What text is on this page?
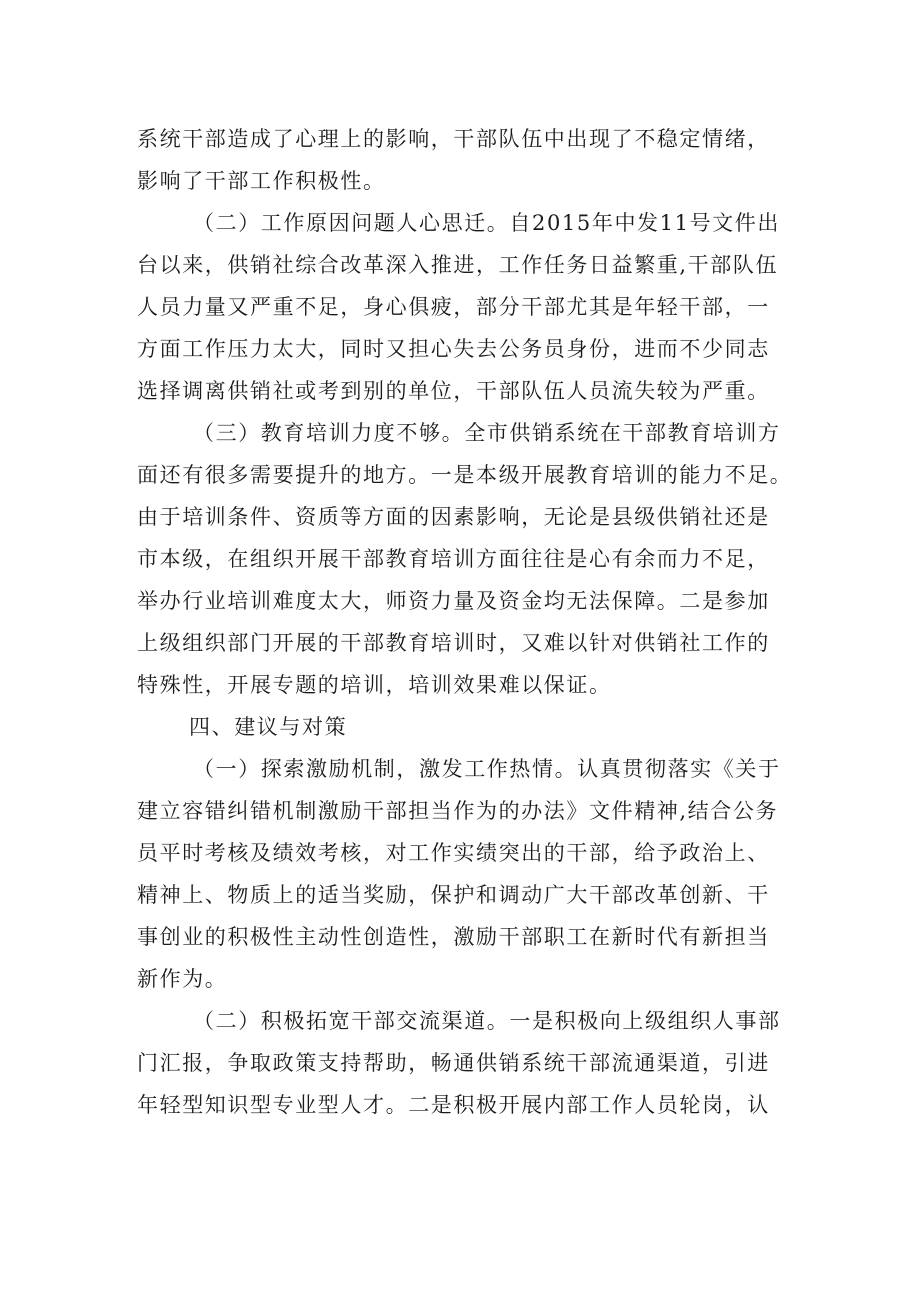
系统干部造成了心理上的影响，干部队伍中出现了不稳定情绪，
影响了干部工作积极性。
（二）工作原因问题人心思迁。自2015年中发11号文件出
台以来，供销社综合改革深入推进，工作任务日益繁重,干部队伍
人员力量又严重不足，身心俱疲，部分干部尤其是年轻干部，一
方面工作压力太大，同时又担心失去公务员身份，进而不少同志
选择调离供销社或考到别的单位，干部队伍人员流失较为严重。
（三）教育培训力度不够。全市供销系统在干部教育培训方
面还有很多需要提升的地方。一是本级开展教育培训的能力不足。
由于培训条件、资质等方面的因素影响，无论是县级供销社还是
市本级，在组织开展干部教育培训方面往往是心有余而力不足，
举办行业培训难度太大，师资力量及资金均无法保障。二是参加
上级组织部门开展的干部教育培训时，又难以针对供销社工作的
特殊性，开展专题的培训，培训效果难以保证。
四、建议与对策
（一）探索激励机制，激发工作热情。认真贯彻落实《关于
建立容错纠错机制激励干部担当作为的办法》文件精神,结合公务
员平时考核及绩效考核，对工作实绩突出的干部，给予政治上、
精神上、物质上的适当奖励，保护和调动广大干部改革创新、干
事创业的积极性主动性创造性，激励干部职工在新时代有新担当
新作为。
（二）积极拓宽干部交流渠道。一是积极向上级组织人事部
门汇报，争取政策支持帮助，畅通供销系统干部流通渠道，引进
年轻型知识型专业型人才。二是积极开展内部工作人员轮岗，认
